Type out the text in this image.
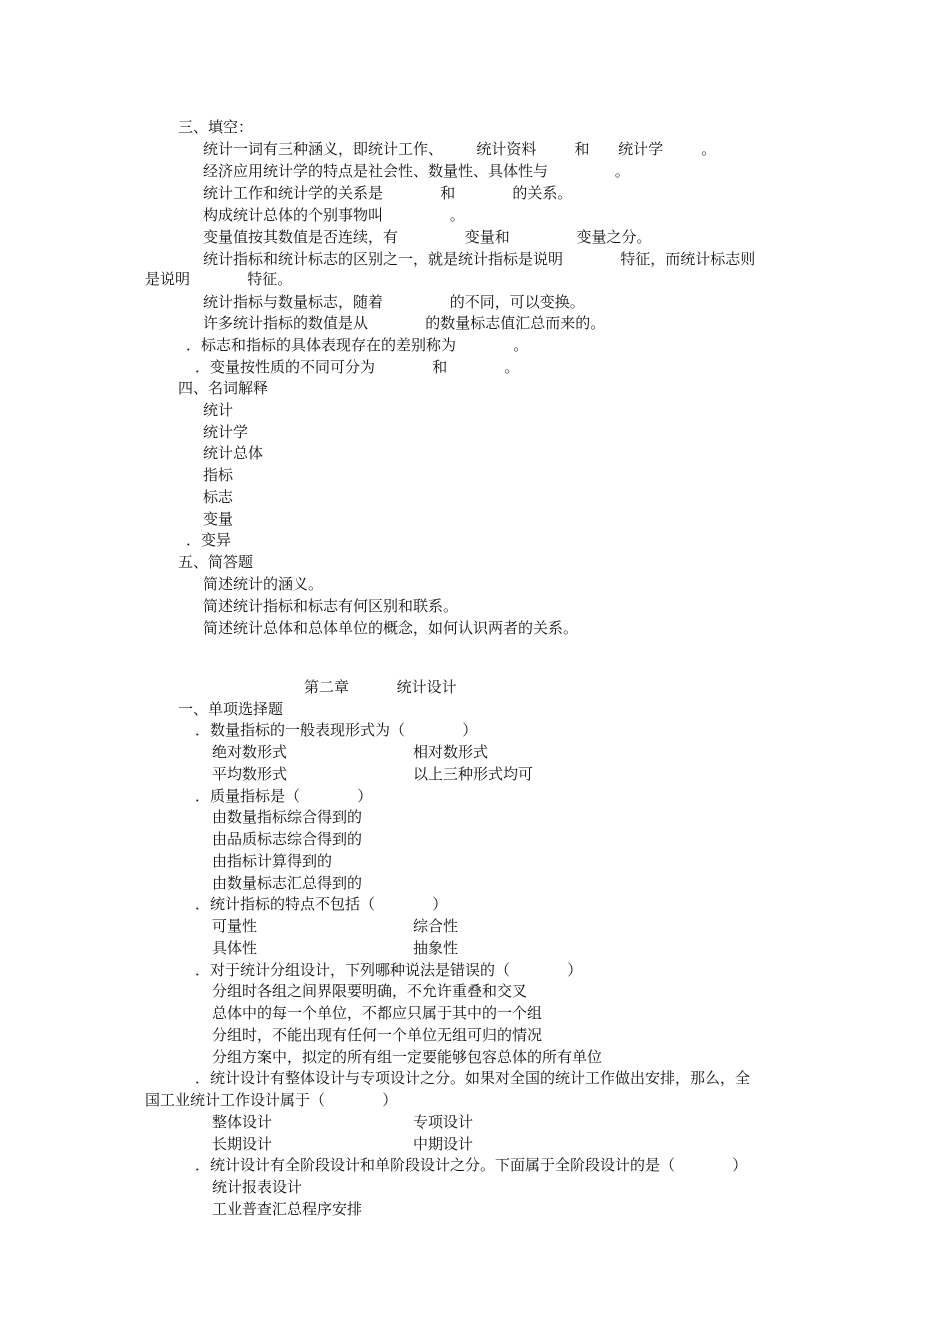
三、填空：
统计一词有三种涵义，即统计工作、       统计资料        和      统计学        。
经济应用统计学的特点是社会性、数量性、具体性与              。
统计工作和统计学的关系是            和            的关系。
构成统计总体的个别事物叫              。
变量值按其数值是否连续，有              变量和              变量之分。
统计指标和统计标志的区别之一，就是统计指标是说明            特征，而统计标志则
是说明            特征。
统计指标与数量标志，随着              的不同，可以变换。
许多统计指标的数值是从            的数量标志值汇总而来的。
．标志和指标的具体表现存在的差别称为            。
．变量按性质的不同可分为            和            。
四、名词解释
统计
统计学
统计总体
指标
标志
变量
．变异
五、简答题
简述统计的涵义。
简述统计指标和标志有何区别和联系。
简述统计总体和总体单位的概念，如何认识两者的关系。
第二章          统计设计
一、单项选择题
．数量指标的一般表现形式为（            ）
绝对数形式	相对数形式
平均数形式	以上三种形式均可
．质量指标是（            ）
由数量指标综合得到的
由品质标志综合得到的
由指标计算得到的
由数量标志汇总得到的
．统计指标的特点不包括（            ）
可量性	综合性
具体性	抽象性
．对于统计分组设计，下列哪种说法是错误的（            ）
分组时各组之间界限要明确，不允许重叠和交叉
总体中的每一个单位，不都应只属于其中的一个组
分组时，不能出现有任何一个单位无组可归的情况
分组方案中，拟定的所有组一定要能够包容总体的所有单位
．统计设计有整体设计与专项设计之分。如果对全国的统计工作做出安排，那么，全
国工业统计工作设计属于（            ）
整体设计	专项设计
长期设计	中期设计
．统计设计有全阶段设计和单阶段设计之分。下面属于全阶段设计的是（            ）
统计报表设计
工业普查汇总程序安排
